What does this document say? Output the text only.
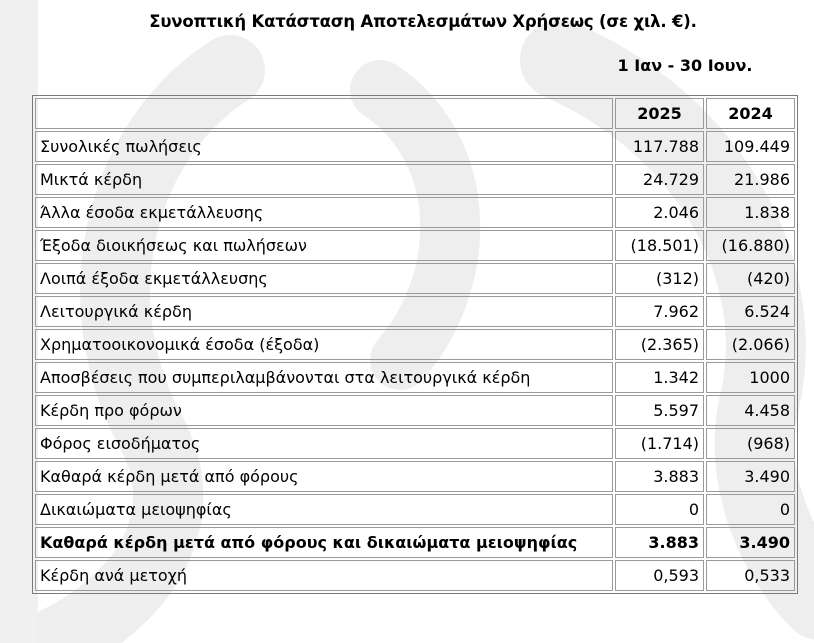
Συνοπτική Κατάσταση Αποτελεσμάτων Χρήσεως (σε χιλ. €).
1 Ιαν - 30 Ιουν.
	2025	2024
Συνολικές πωλήσεις	117.788	109.449
Μικτά κέρδη	24.729	21.986
Άλλα έσοδα εκμετάλλευσης	2.046	1.838
Έξοδα διοικήσεως και πωλήσεων	(18.501)	(16.880)
Λοιπά έξοδα εκμετάλλευσης	(312)	(420)
Λειτουργικά κέρδη	7.962	6.524
Χρηματοοικονομικά έσοδα (έξοδα)	(2.365)	(2.066)
Αποσβέσεις που συμπεριλαμβάνονται στα λειτουργικά κέρδη	1.342	1000
Κέρδη προ φόρων	5.597	4.458
Φόρος εισοδήματος	(1.714)	(968)
Καθαρά κέρδη μετά από φόρους	3.883	3.490
Δικαιώματα μειοψηφίας	0	0
Καθαρά κέρδη μετά από φόρους και δικαιώματα μειοψηφίας	3.883	3.490
Κέρδη ανά μετοχή	0,593	0,533
